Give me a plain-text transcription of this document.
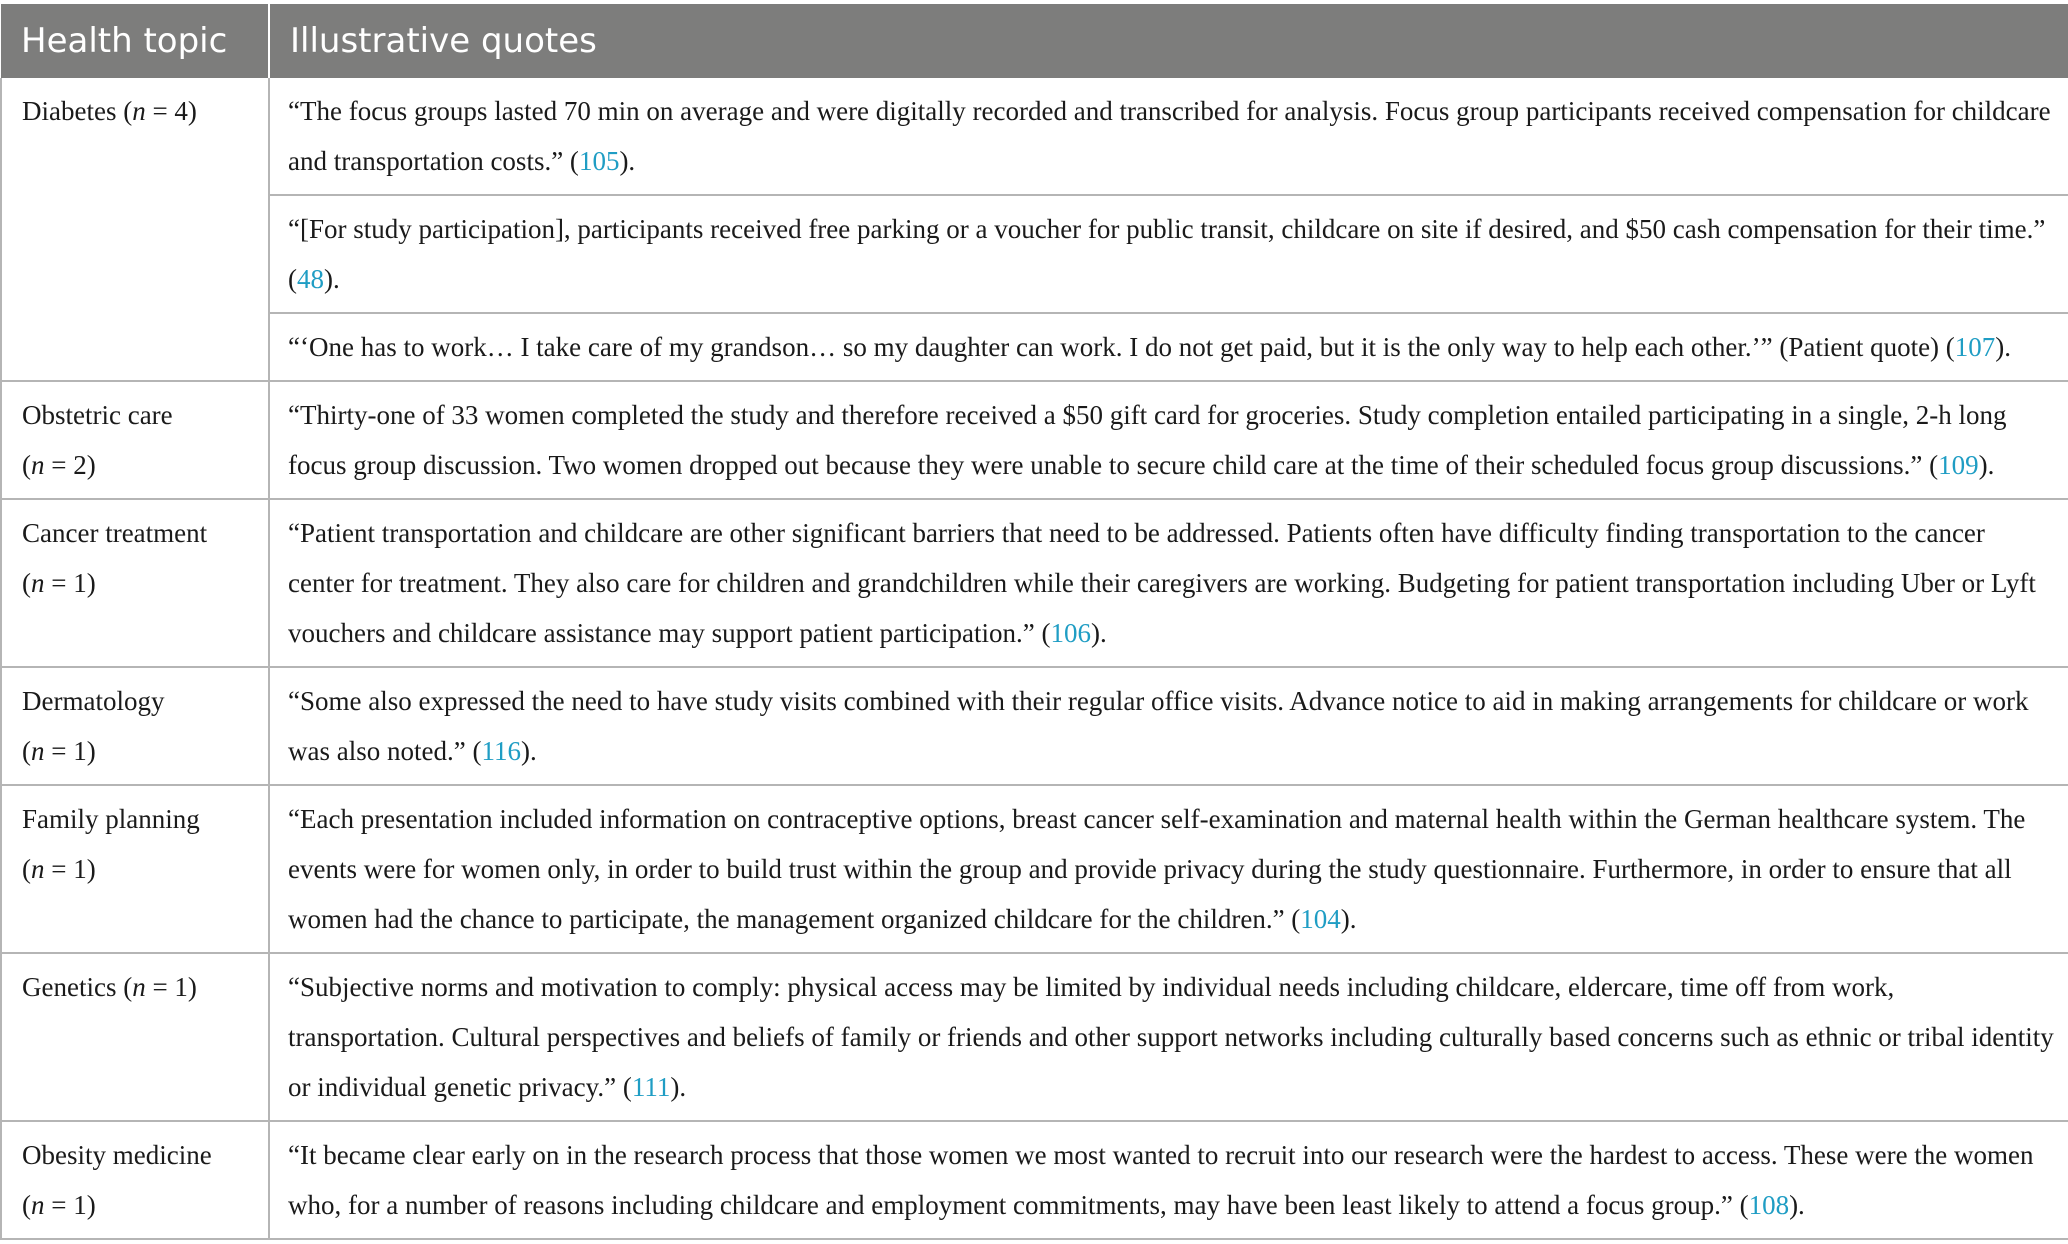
Health topic	Illustrative quotes
Diabetes (n = 4)	“The focus groups lasted 70 min on average and were digitally recorded and transcribed for analysis. Focus group participants received compensation for childcare and transportation costs.” (105).
	“[For study participation], participants received free parking or a voucher for public transit, childcare on site if desired, and $50 cash compensation for their time.” (48).
	“‘One has to work… I take care of my grandson… so my daughter can work. I do not get paid, but it is the only way to help each other.’” (Patient quote) (107).
Obstetric care
(n = 2)	“Thirty-one of 33 women completed the study and therefore received a $50 gift card for groceries. Study completion entailed participating in a single, 2-h long focus group discussion. Two women dropped out because they were unable to secure child care at the time of their scheduled focus group discussions.” (109).
Cancer treatment
(n = 1)	“Patient transportation and childcare are other significant barriers that need to be addressed. Patients often have difficulty finding transportation to the cancer center for treatment. They also care for children and grandchildren while their caregivers are working. Budgeting for patient transportation including Uber or Lyft vouchers and childcare assistance may support patient participation.” (106).
Dermatology
(n = 1)	“Some also expressed the need to have study visits combined with their regular office visits. Advance notice to aid in making arrangements for childcare or work was also noted.” (116).
Family planning
(n = 1)	“Each presentation included information on contraceptive options, breast cancer self-examination and maternal health within the German healthcare system. The events were for women only, in order to build trust within the group and provide privacy during the study questionnaire. Furthermore, in order to ensure that all women had the chance to participate, the management organized childcare for the children.” (104).
Genetics (n = 1)	“Subjective norms and motivation to comply: physical access may be limited by individual needs including childcare, eldercare, time off from work, transportation. Cultural perspectives and beliefs of family or friends and other support networks including culturally based concerns such as ethnic or tribal identity or individual genetic privacy.” (111).
Obesity medicine
(n = 1)	“It became clear early on in the research process that those women we most wanted to recruit into our research were the hardest to access. These were the women who, for a number of reasons including childcare and employment commitments, may have been least likely to attend a focus group.” (108).
